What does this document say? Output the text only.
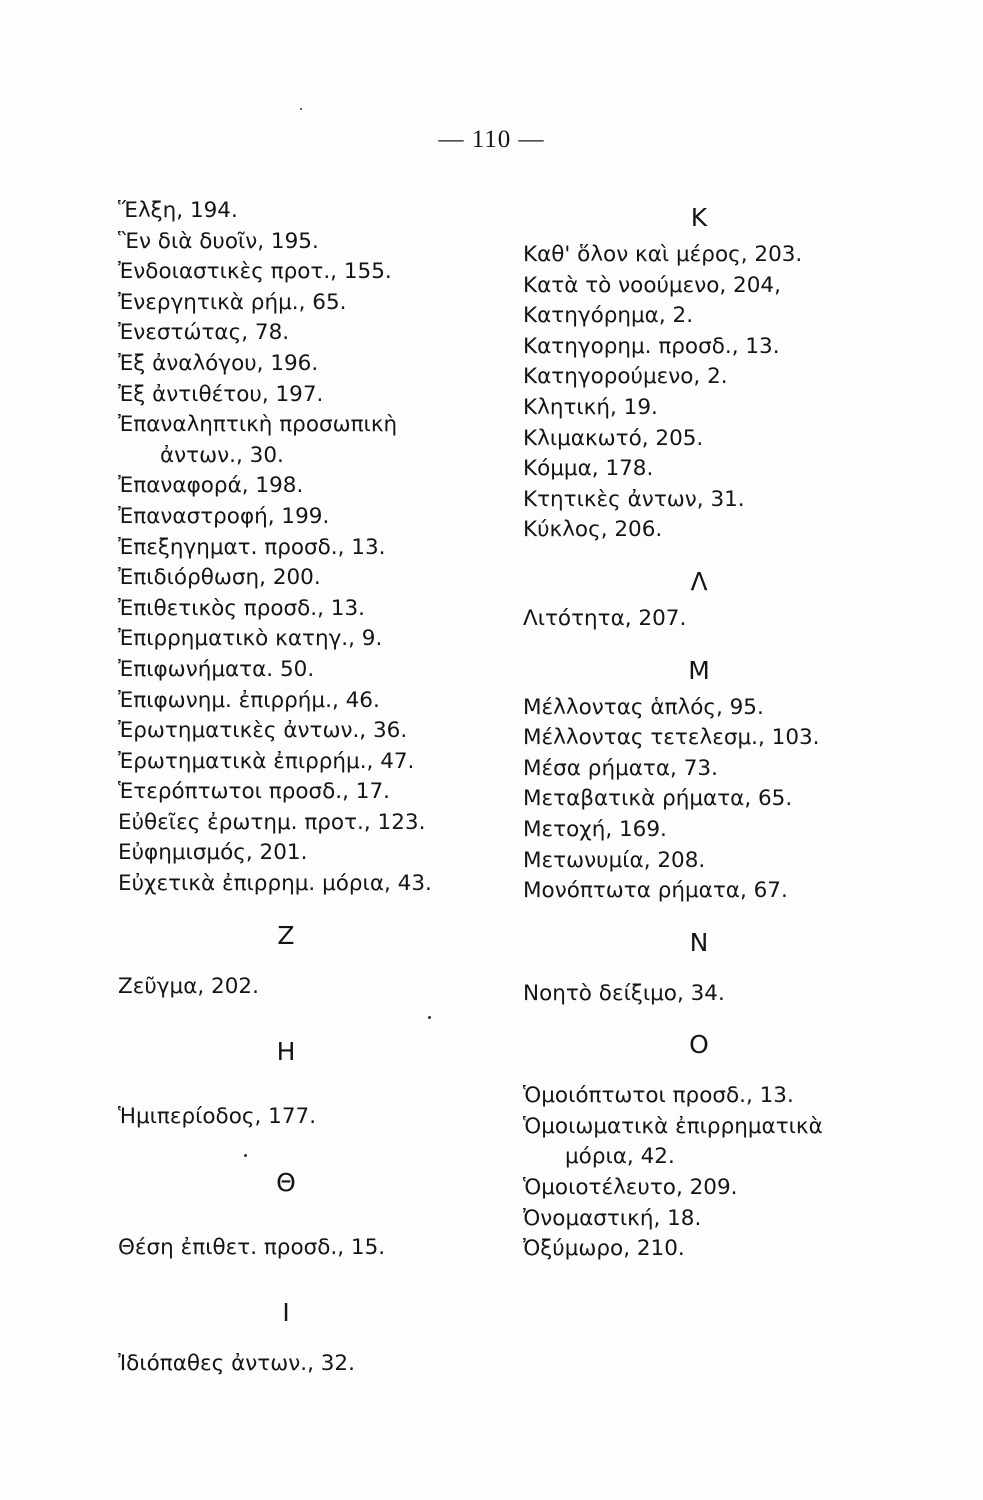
— 110 —
Ἕλξη, 194.
Ἓν διὰ δυοῖν, 195.
Ἐνδοιαστικὲς προτ., 155.
Ἐνεργητικὰ ρήμ., 65.
Ἐνεστώτας, 78.
Ἐξ ἀναλόγου, 196.
Ἐξ ἀντιθέτου, 197.
Ἐπαναληπτικὴ προσωπικὴ
ἀντων., 30.
Ἐπαναφορά, 198.
Ἐπαναστροφή, 199.
Ἐπεξηγηματ. προσδ., 13.
Ἐπιδιόρθωση, 200.
Ἐπιθετικὸς προσδ., 13.
Ἐπιρρηματικὸ κατηγ., 9.
Ἐπιφωνήματα. 50.
Ἐπιφωνημ. ἐπιρρήμ., 46.
Ἐρωτηματικὲς ἀντων., 36.
Ἐρωτηματικὰ ἐπιρρήμ., 47.
Ἑτερόπτωτοι προσδ., 17.
Εὐθεῖες ἐρωτημ. προτ., 123.
Εὐφημισμός, 201.
Εὐχετικὰ ἐπιρρημ. μόρια, 43.
Z
Ζεῦγμα, 202.
H
Ἡμιπερίοδος, 177.
Θ
Θέση ἐπιθετ. προσδ., 15.
I
Ἰδιόπαθες ἀντων., 32.
K
Καθ' ὅλον καὶ μέρος, 203.
Κατὰ τὸ νοούμενο, 204,
Κατηγόρημα, 2.
Κατηγορημ. προσδ., 13.
Κατηγορούμενο, 2.
Κλητική, 19.
Κλιμακωτό, 205.
Κόμμα, 178.
Κτητικὲς ἀντων, 31.
Κύκλος, 206.
Λ
Λιτότητα, 207.
M
Μέλλοντας ἁπλός, 95.
Μέλλοντας τετελεσμ., 103.
Μέσα ρήματα, 73.
Μεταβατικὰ ρήματα, 65.
Μετοχή, 169.
Μετωνυμία, 208.
Μονόπτωτα ρήματα, 67.
N
Νοητὸ δείξιμο, 34.
O
Ὁμοιόπτωτοι προσδ., 13.
Ὁμοιωματικὰ ἐπιρρηματικὰ
μόρια, 42.
Ὁμοιοτέλευτο, 209.
Ὀνομαστική, 18.
Ὀξύμωρο, 210.
